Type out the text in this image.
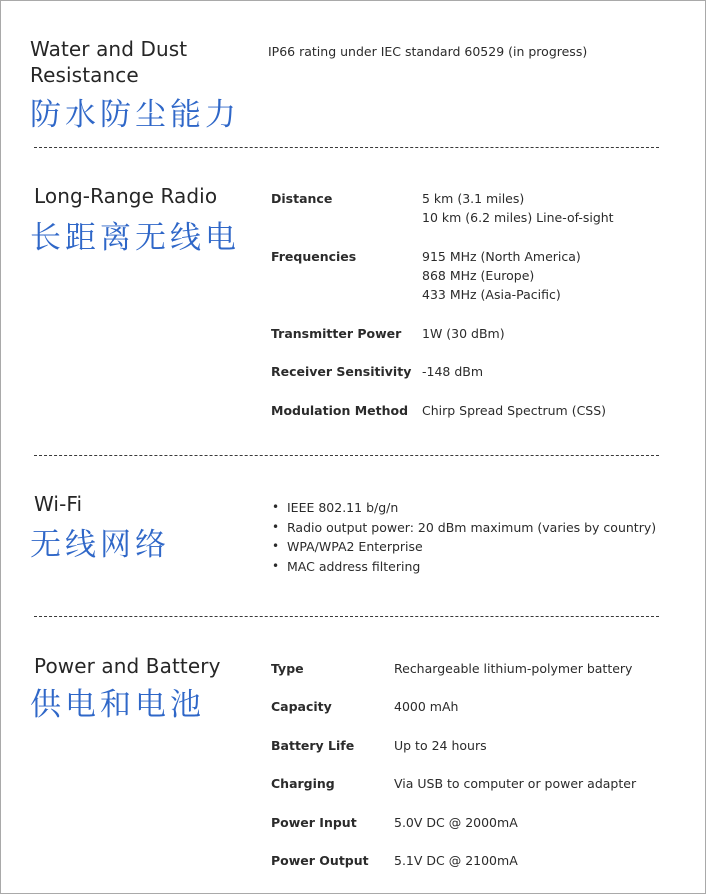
Water and Dust
Resistance
防水防尘能力
IP66 rating under IEC standard 60529 (in progress)
Long-Range Radio
长距离无线电
Distance	5 km (3.1 miles)
10 km (6.2 miles) Line-of-sight
Frequencies	915 MHz (North America)
868 MHz (Europe)
433 MHz (Asia-Pacific)
Transmitter Power 1W (30 dBm)
Receiver Sensitivity -148 dBm
Modulation Method Chirp Spread Spectrum (CSS)
Wi-Fi
无线网络
• IEEE 802.11 b/g/n
• Radio output power: 20 dBm maximum (varies by country)
• WPA/WPA2 Enterprise
• MAC address filtering
Power and Battery
供电和电池
Type	Rechargeable lithium-polymer battery
Capacity	4000 mAh
Battery Life	Up to 24 hours
Charging	Via USB to computer or power adapter
Power Input	5.0V DC @ 2000mA
Power Output 5.1V DC @ 2100mA
